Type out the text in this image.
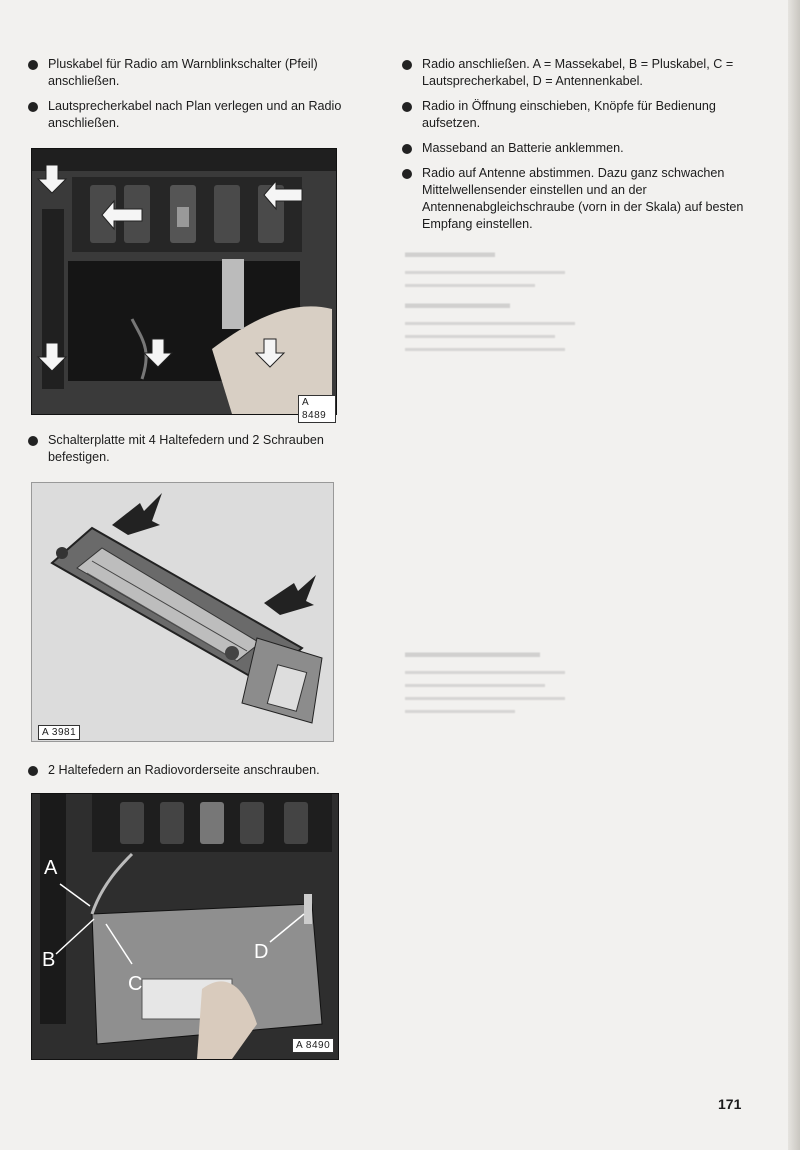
Pluskabel für Radio am Warnblinkschalter (Pfeil) anschließen.
Lautsprecherkabel nach Plan verlegen und an Radio anschließen.
Radio anschließen. A = Massekabel, B = Pluskabel, C = Lautsprecherkabel, D = Antennenkabel.
Radio in Öffnung einschieben, Knöpfe für Bedienung aufsetzen.
Masseband an Batterie anklemmen.
Radio auf Antenne abstimmen. Dazu ganz schwachen Mittelwellensender einstellen und an der Antennenabgleichschraube (vorn in der Skala) auf besten Empfang einstellen.
▬▬▬▬▬▬
▬▬▬▬▬▬▬▬▬▬▬▬▬▬▬▬
▬▬▬▬▬▬▬▬▬▬▬▬▬

▬▬▬▬▬▬▬
▬▬▬▬▬▬▬▬▬▬▬▬▬▬▬▬▬
▬▬▬▬▬▬▬▬▬▬▬▬▬▬▬
▬▬▬▬▬▬▬▬▬▬▬▬▬▬▬▬

▬▬▬▬▬▬▬▬▬
▬▬▬▬▬▬▬▬▬▬▬▬▬▬▬▬
▬▬▬▬▬▬▬▬▬▬▬▬▬▬
▬▬▬▬▬▬▬▬▬▬▬▬▬▬▬▬
▬▬▬▬▬▬▬▬▬▬▬

A 8489
Schalterplatte mit 4 Haltefedern und 2 Schrauben befestigen.
A 3981
2 Haltefedern an Radiovorderseite anschrauben.
A
B
C
D
A 8490
171
